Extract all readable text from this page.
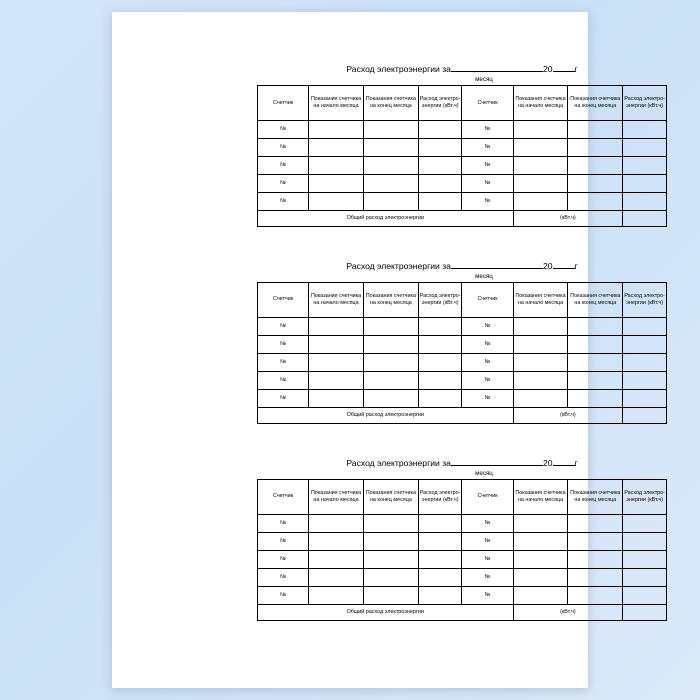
Расход электроэнергии за	20	г
месяц
Счетчик	Показания счетчика на начало месяца	Показания счетчика на конец месяца	Расход электро-энергии (кВт.ч)	Счетчик	Показания счетчика на начало месяца	Показания счетчика на конец месяца	Расход электро-энергии (кВт.ч)
№				№			
№				№			
№				№			
№				№			
№				№			
Общий расход электроэнергии					(кВт.ч)		
Расход электроэнергии за	20	г
месяц
Счетчик	Показания счетчика на начало месяца	Показания счетчика на конец месяца	Расход электро-энергии (кВт.ч)	Счетчик	Показания счетчика на начало месяца	Показания счетчика на конец месяца	Расход электро-энергии (кВт.ч)
№				№			
№				№			
№				№			
№				№			
№				№			
Общий расход электроэнергии					(кВт.ч)		
Расход электроэнергии за	20	г
месяц
Счетчик	Показания счетчика на начало месяца	Показания счетчика на конец месяца	Расход электро-энергии (кВт.ч)	Счетчик	Показания счетчика на начало месяца	Показания счетчика на конец месяца	Расход электро-энергии (кВт.ч)
№				№			
№				№			
№				№			
№				№			
№				№			
Общий расход электроэнергии					(кВт.ч)		
